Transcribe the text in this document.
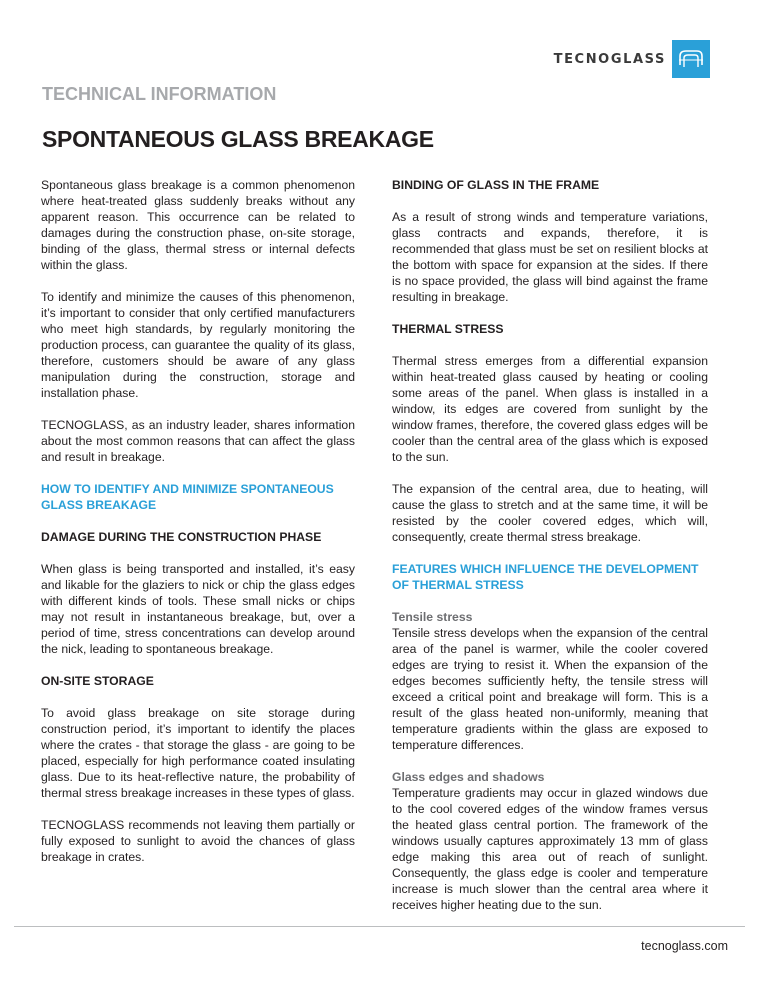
TECNOGLASS
TECHNICAL INFORMATION
SPONTANEOUS GLASS BREAKAGE

Spontaneous glass breakage is a common phenomenon where heat-treated glass suddenly breaks without any apparent reason. This occurrence can be related to damages during the construction phase, on-site storage, binding of the glass, thermal stress or internal defects within the glass.

To identify and minimize the causes of this phenomenon, it’s important to consider that only certified manufacturers who meet high standards, by regularly monitoring the production process, can guarantee the quality of its glass, therefore, customers should be aware of any glass manipulation during the construction, storage and installation phase.

TECNOGLASS, as an industry leader, shares information about the most common reasons that can affect the glass and result in breakage.

HOW TO IDENTIFY AND MINIMIZE SPONTANEOUS GLASS BREAKAGE
DAMAGE DURING THE CONSTRUCTION PHASE

When glass is being transported and installed, it’s easy and likable for the glaziers to nick or chip the glass edges with different kinds of tools. These small nicks or chips may not result in instantaneous breakage, but, over a period of time, stress concentrations can develop around the nick, leading to spontaneous breakage.

ON-SITE STORAGE

To avoid glass breakage on site storage during construction period, it’s important to identify the places where the crates - that storage the glass - are going to be placed, especially for high performance coated insulating glass. Due to its heat-reflective nature, the probability of thermal stress breakage increases in these types of glass.

TECNOGLASS recommends not leaving them partially or fully exposed to sunlight to avoid the chances of glass breakage in crates.

BINDING OF GLASS IN THE FRAME

As a result of strong winds and temperature variations, glass contracts and expands, therefore, it is recommended that glass must be set on resilient blocks at the bottom with space for expansion at the sides. If there is no space provided, the glass will bind against the frame resulting in breakage.

THERMAL STRESS

Thermal stress emerges from a differential expansion within heat-treated glass caused by heating or cooling some areas of the panel. When glass is installed in a window, its edges are covered from sunlight by the window frames, therefore, the covered glass edges will be cooler than the central area of the glass which is exposed to the sun.

The expansion of the central area, due to heating, will cause the glass to stretch and at the same time, it will be resisted by the cooler covered edges, which will, consequently, create thermal stress breakage.

FEATURES WHICH INFLUENCE THE DEVELOPMENT OF THERMAL STRESS
Tensile stress

Tensile stress develops when the expansion of the central area of the panel is warmer, while the cooler covered edges are trying to resist it. When the expansion of the edges becomes sufficiently hefty, the tensile stress will exceed a critical point and breakage will form. This is a result of the glass heated non-uniformly, meaning that temperature gradients within the glass are exposed to temperature differences.

Glass edges and shadows

Temperature gradients may occur in glazed windows due to the cool covered edges of the window frames versus the heated glass central portion. The framework of the windows usually captures approximately 13 mm of glass edge making this area out of reach of sunlight. Consequently, the glass edge is cooler and temperature increase is much slower than the central area where it receives higher heating due to the sun.

tecnoglass.com
